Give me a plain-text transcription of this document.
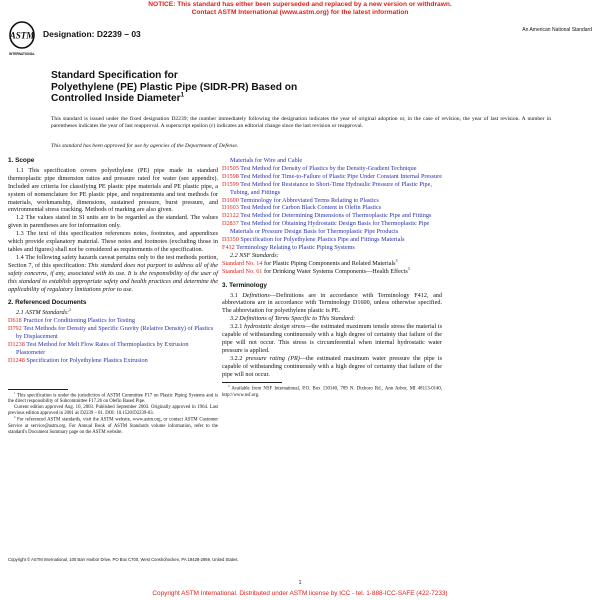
NOTICE: This standard has either been superseded and replaced by a new version or withdrawn.
Contact ASTM International (www.astm.org) for the latest information
ASTM
INTERNATIONAL
Designation: D2239 – 03	An American National Standard
Standard Specification for
Polyethylene (PE) Plastic Pipe (SIDR-PR) Based on
Controlled Inside Diameter$^1$
This standard is issued under the fixed designation D2239; the number immediately following the designation indicates the year of original adoption or, in the case of revision, the year of last revision. A number in parentheses indicates the year of last reapproval. A superscript epsilon (ε) indicates an editorial change since the last revision or reapproval.
This standard has been approved for use by agencies of the Department of Defense.
1. Scope

1.1 This specification covers polyethylene (PE) pipe made in standard thermoplastic pipe dimension ratios and pressure rated for water (see appendix). Included are criteria for classifying PE plastic pipe materials and PE plastic pipe, a system of nomenclature for PE plastic pipe, and requirements and test methods for materials, workmanship, dimensions, sustained pressure, burst pressure, and environmental stress cracking. Methods of marking are also given.

1.2 The values stated in SI units are to be regarded as the standard. The values given in parentheses are for information only.

1.3 The text of this specification references notes, footnotes, and appendixes which provide explanatory material. These notes and footnotes (excluding those in tables and figures) shall not be considered as requirements of the specification.

1.4 The following safety hazards caveat pertains only to the test methods portion, Section 7, of this specification: This standard does not purport to address all of the safety concerns, if any, associated with its use. It is the responsibility of the user of this standard to establish appropriate safety and health practices and determine the applicability of regulatory limitations prior to use.

2. Referenced Documents
2.1 ASTM Standards:$^2$
D618 Practice for Conditioning Plastics for Testing
D792 Test Methods for Density and Specific Gravity (Relative Density) of Plastics by Displacement
D1238 Test Method for Melt Flow Rates of Thermoplastics by Extrusion Plastometer
D1248 Specification for Polyethylene Plastics Extrusion

$^1$ This specification is under the jurisdiction of ASTM Committee F17 on Plastic Piping Systems and is the direct responsibility of Subcommittee F17.26 on Olefin Based Pipe.

Current edition approved Aug. 10, 2003. Published September 2003. Originally approved in 1964. Last previous edition approved in 2001 as D2239 – 01. DOI: 10.1520/D2239-03.

$^2$ For referenced ASTM standards, visit the ASTM website, www.astm.org, or contact ASTM Customer Service at service@astm.org. For Annual Book of ASTM Standards volume information, refer to the standard's Document Summary page on the ASTM website.

Materials for Wire and Cable
D1505 Test Method for Density of Plastics by the Density-Gradient Technique
D1598 Test Method for Time-to-Failure of Plastic Pipe Under Constant Internal Pressure
D1599 Test Method for Resistance to Short-Time Hydraulic Pressure of Plastic Pipe, Tubing, and Fittings
D1600 Terminology for Abbreviated Terms Relating to Plastics
D1603 Test Method for Carbon Black Content in Olefin Plastics
D2122 Test Method for Determining Dimensions of Thermoplastic Pipe and Fittings
D2837 Test Method for Obtaining Hydrostatic Design Basis for Thermoplastic Pipe Materials or Pressure Design Basis for Thermoplastic Pipe Products
D3350 Specification for Polyethylene Plastics Pipe and Fittings Materials
F412 Terminology Relating to Plastic Piping Systems
2.2 NSF Standards:
Standard No. 14 for Plastic Piping Components and Related Materials$^3$
Standard No. 61 for Drinking Water Systems Components—Health Effects$^3$
3. Terminology

3.1 Definitions—Definitions are in accordance with Terminology F412, and abbreviations are in accordance with Terminology D1600, unless otherwise specified. The abbreviation for polyethylene plastic is PE.

3.2 Definitions of Terms Specific to This Standard:

3.2.1 hydrostatic design stress—the estimated maximum tensile stress the material is capable of withstanding continuously with a high degree of certainty that failure of the pipe will not occur. This stress is circumferential when internal hydrostatic water pressure is applied.

3.2.2 pressure rating (PR)—the estimated maximum water pressure the pipe is capable of withstanding continuously with a high degree of certainty that failure of the pipe will not occur.

$^3$ Available from NSF International, P.O. Box 130140, 789 N. Dixboro Rd., Ann Arbor, MI 48113-0140, http://www.nsf.org.

Copyright © ASTM International, 100 Barr Harbor Drive, PO Box C700, West Conshohocken, PA 19428-2959, United States.
1
Copyright ASTM International. Distributed under ASTM license by ICC - tel. 1-888-ICC-SAFE (422-7233)
